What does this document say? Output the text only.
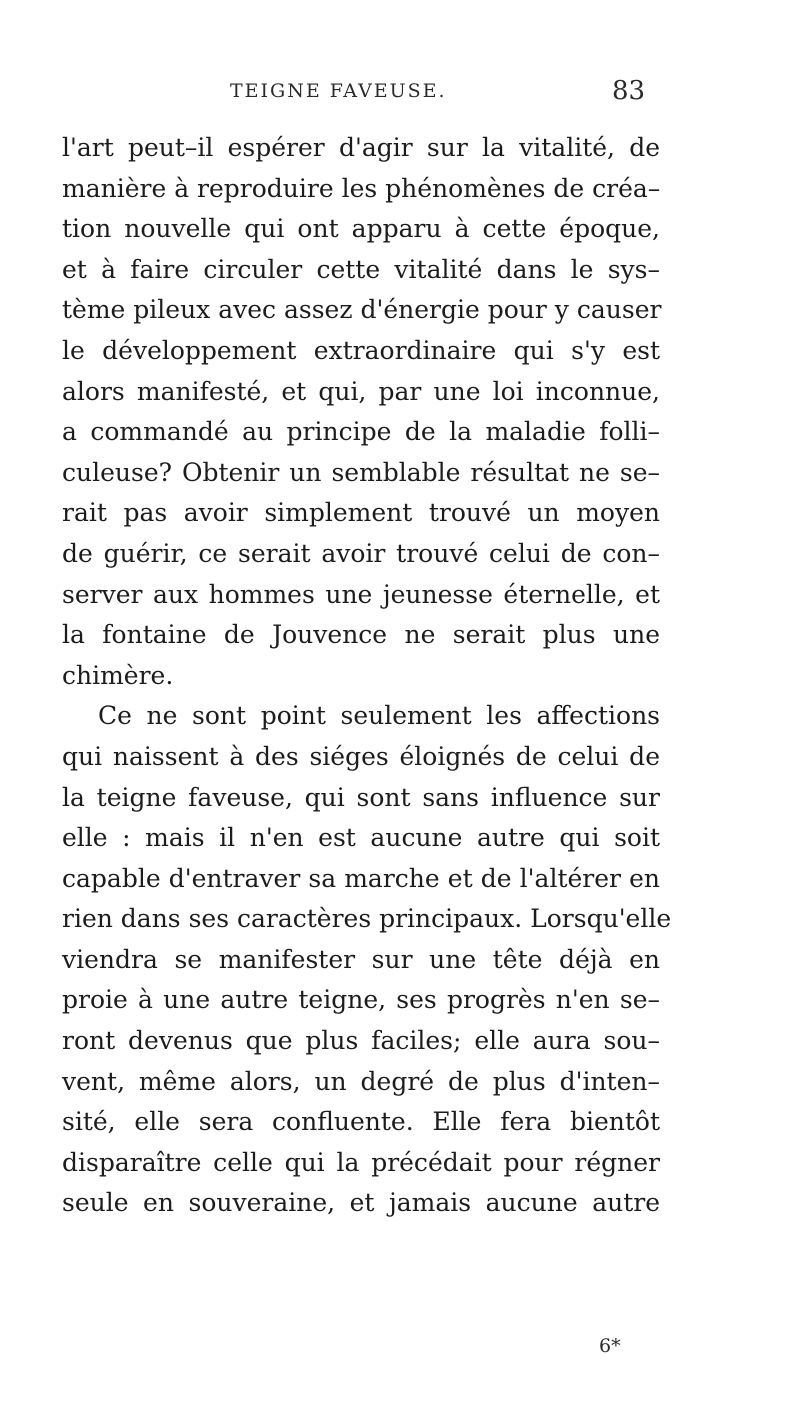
TEIGNE FAVEUSE.	83
l'art peut–il espérer d'agir sur la vitalité, de
manière à reproduire les phénomènes de créa–
tion nouvelle qui ont apparu à cette époque,
et à faire circuler cette vitalité dans le sys–
tème pileux avec assez d'énergie pour y causer
le développement extraordinaire qui s'y est
alors manifesté, et qui, par une loi inconnue,
a commandé au principe de la maladie folli–
culeuse? Obtenir un semblable résultat ne se–
rait pas avoir simplement trouvé un moyen
de guérir, ce serait avoir trouvé celui de con–
server aux hommes une jeunesse éternelle, et
la fontaine de Jouvence ne serait plus une
chimère.
Ce ne sont point seulement les affections
qui naissent à des siéges éloignés de celui de
la teigne faveuse, qui sont sans influence sur
elle : mais il n'en est aucune autre qui soit
capable d'entraver sa marche et de l'altérer en
rien dans ses caractères principaux. Lorsqu'elle
viendra se manifester sur une tête déjà en
proie à une autre teigne, ses progrès n'en se–
ront devenus que plus faciles; elle aura sou–
vent, même alors, un degré de plus d'inten–
sité, elle sera confluente. Elle fera bientôt
disparaître celle qui la précédait pour régner
seule en souveraine, et jamais aucune autre
6*
